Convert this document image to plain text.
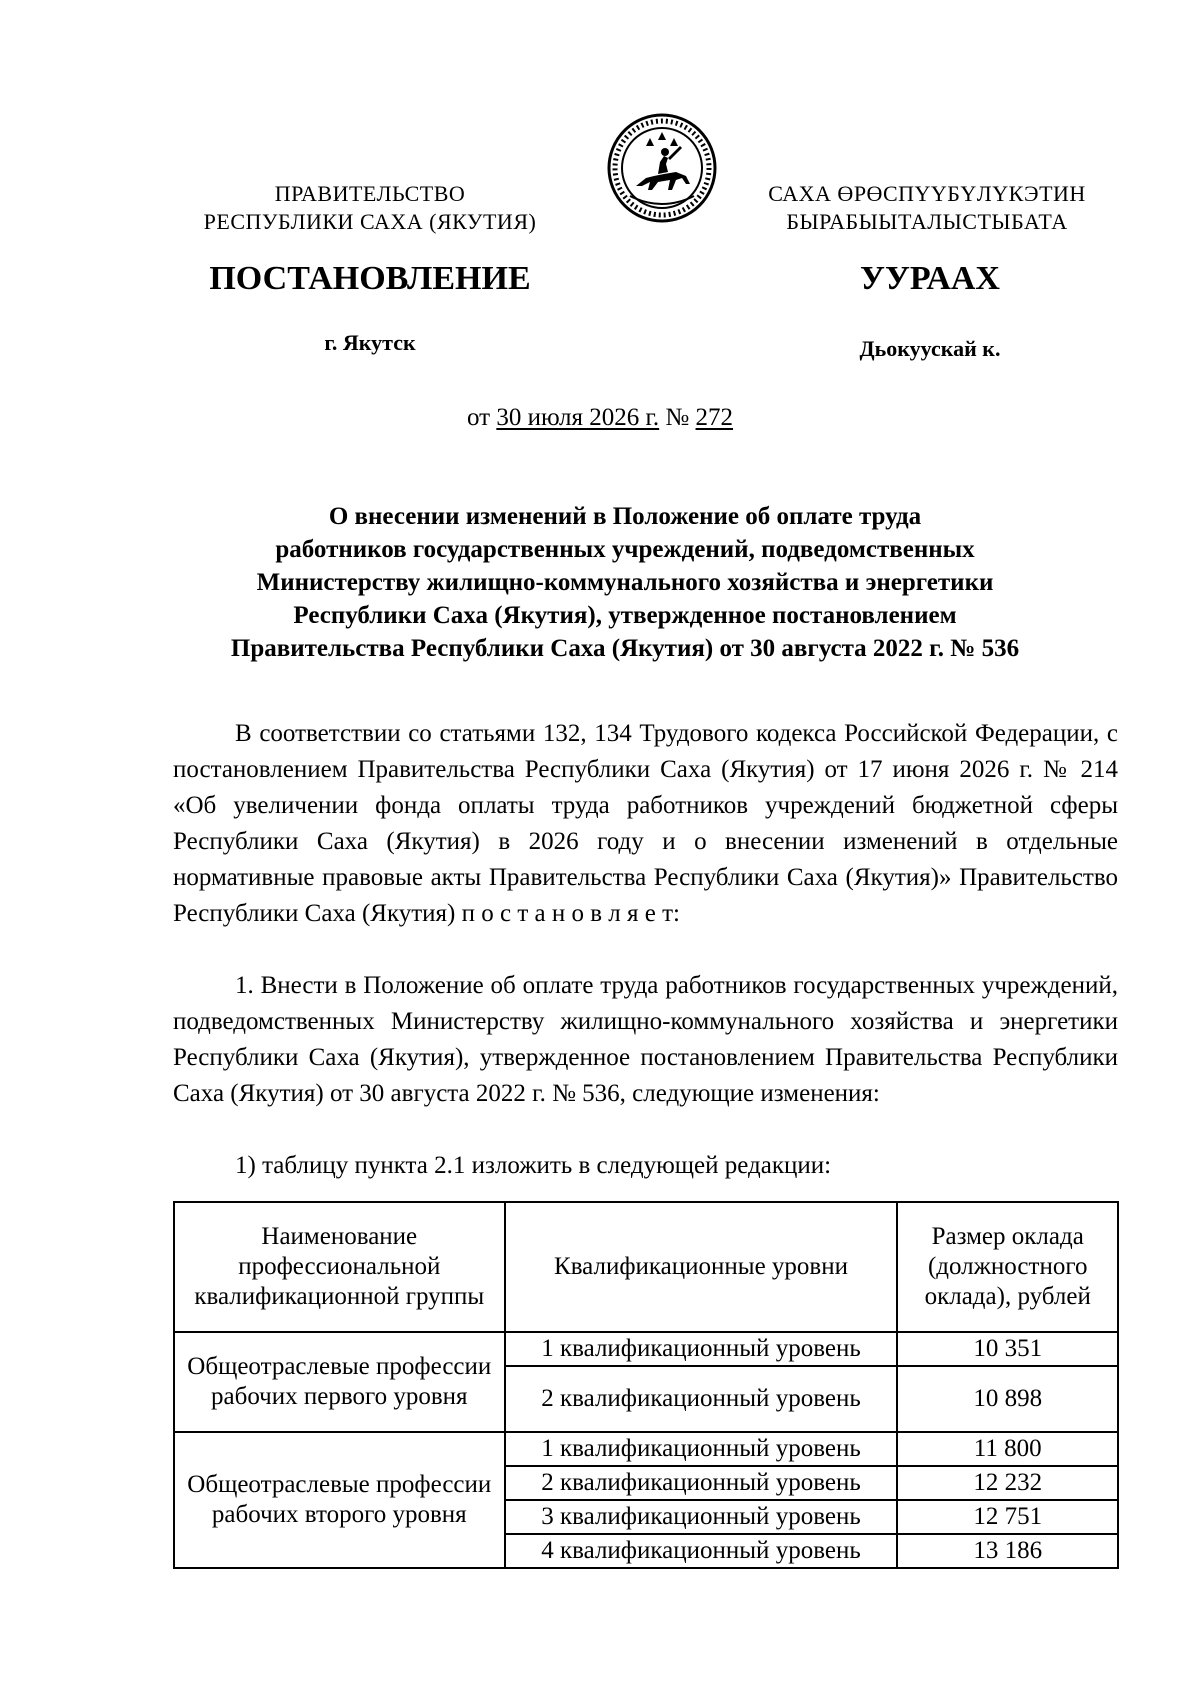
ПРАВИТЕЛЬСТВО
РЕСПУБЛИКИ САХА (ЯКУТИЯ)
САХА ӨРӨСПҮҮБҮЛҮКЭТИН
БЫРАБЫЫТАЛЫСТЫБАТА
ПОСТАНОВЛЕНИЕ	УУРААХ
г. Якутск	Дьокуускай к.
от 30 июля 2026 г. № 272
О внесении изменений в Положение об оплате труда
работников государственных учреждений, подведомственных
Министерству жилищно-коммунального хозяйства и энергетики
Республики Саха (Якутия), утвержденное постановлением
Правительства Республики Саха (Якутия) от 30 августа 2022 г. № 536
В соответствии со статьями 132, 134 Трудового кодекса Российской Федерации, с постановлением Правительства Республики Саха (Якутия) от 17 июня 2026 г. № 214 «Об увеличении фонда оплаты труда работников учреждений бюджетной сферы Республики Саха (Якутия) в 2026 году и о внесении изменений в отдельные нормативные правовые акты Правительства Республики Саха (Якутия)» Правительство Республики Саха (Якутия) п о с т а н о в л я е т:
1. Внести в Положение об оплате труда работников государственных учреждений, подведомственных Министерству жилищно-коммунального хозяйства и энергетики Республики Саха (Якутия), утвержденное постановлением Правительства Республики Саха (Якутия) от 30 августа 2022 г. № 536, следующие изменения:
1) таблицу пункта 2.1 изложить в следующей редакции:
Наименование профессиональной квалификационной группы	Квалификационные уровни	Размер оклада (должностного оклада), рублей
Общеотраслевые профессии рабочих первого уровня	1 квалификационный уровень	10 351
	2 квалификационный уровень	10 898
Общеотраслевые профессии рабочих второго уровня	1 квалификационный уровень	11 800
	2 квалификационный уровень	12 232
	3 квалификационный уровень	12 751
	4 квалификационный уровень	13 186
